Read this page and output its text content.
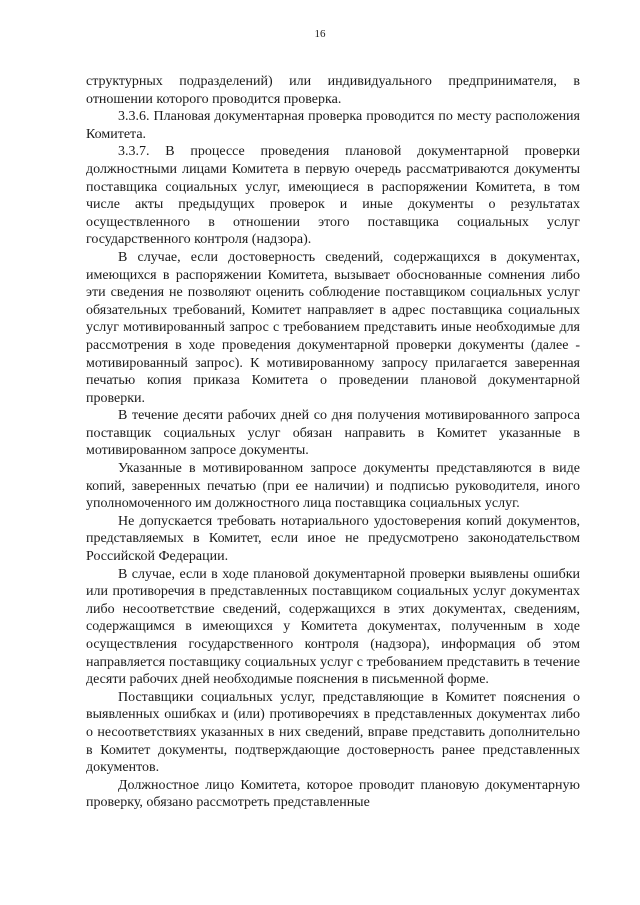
16

структурных подразделений) или индивидуального предпринимателя, в отношении которого проводится проверка.

3.3.6. Плановая документарная проверка проводится по месту расположения Комитета.

3.3.7. В процессе проведения плановой документарной проверки должностными лицами Комитета в первую очередь рассматриваются документы поставщика социальных услуг, имеющиеся в распоряжении Комитета, в том числе акты предыдущих проверок и иные документы о результатах осуществленного в отношении этого поставщика социальных услуг государственного контроля (надзора).

В случае, если достоверность сведений, содержащихся в документах, имеющихся в распоряжении Комитета, вызывает обоснованные сомнения либо эти сведения не позволяют оценить соблюдение поставщиком социальных услуг обязательных требований, Комитет направляет в адрес поставщика социальных услуг мотивированный запрос с требованием представить иные необходимые для рассмотрения в ходе проведения документарной проверки документы (далее - мотивированный запрос). К мотивированному запросу прилагается заверенная печатью копия приказа Комитета о проведении плановой документарной проверки.

В течение десяти рабочих дней со дня получения мотивированного запроса поставщик социальных услуг обязан направить в Комитет указанные в мотивированном запросе документы.

Указанные в мотивированном запросе документы представляются в виде копий, заверенных печатью (при ее наличии) и подписью руководителя, иного уполномоченного им должностного лица поставщика социальных услуг.

Не допускается требовать нотариального удостоверения копий документов, представляемых в Комитет, если иное не предусмотрено законодательством Российской Федерации.

В случае, если в ходе плановой документарной проверки выявлены ошибки или противоречия в представленных поставщиком социальных услуг документах либо несоответствие сведений, содержащихся в этих документах, сведениям, содержащимся в имеющихся у Комитета документах, полученным в ходе осуществления государственного контроля (надзора), информация об этом направляется поставщику социальных услуг с требованием представить в течение десяти рабочих дней необходимые пояснения в письменной форме.

Поставщики социальных услуг, представляющие в Комитет пояснения о выявленных ошибках и (или) противоречиях в представленных документах либо о несоответствиях указанных в них сведений, вправе представить дополнительно в Комитет документы, подтверждающие достоверность ранее представленных документов.

Должностное лицо Комитета, которое проводит плановую документарную проверку, обязано рассмотреть представленные
